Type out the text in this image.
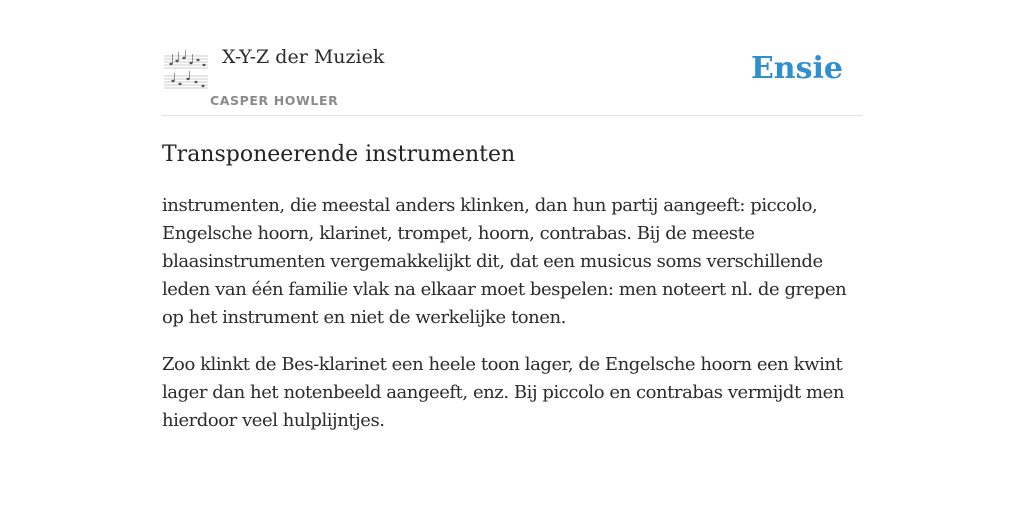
X-Y-Z der Muziek
CASPER HOWLER
Ensie
Transponeerende instrumenten

instrumenten, die meestal anders klinken, dan hun partij aangeeft: piccolo, Engelsche hoorn, klarinet, trompet, hoorn, contrabas. Bij de meeste blaasinstrumenten vergemakkelijkt dit, dat een musicus soms verschillende leden van één familie vlak na elkaar moet bespelen: men noteert nl. de grepen op het instrument en niet de werkelijke tonen.

Zoo klinkt de Bes-klarinet een heele toon lager, de Engelsche hoorn een kwint lager dan het notenbeeld aangeeft, enz. Bij piccolo en contrabas vermijdt men hierdoor veel hulplijntjes.
